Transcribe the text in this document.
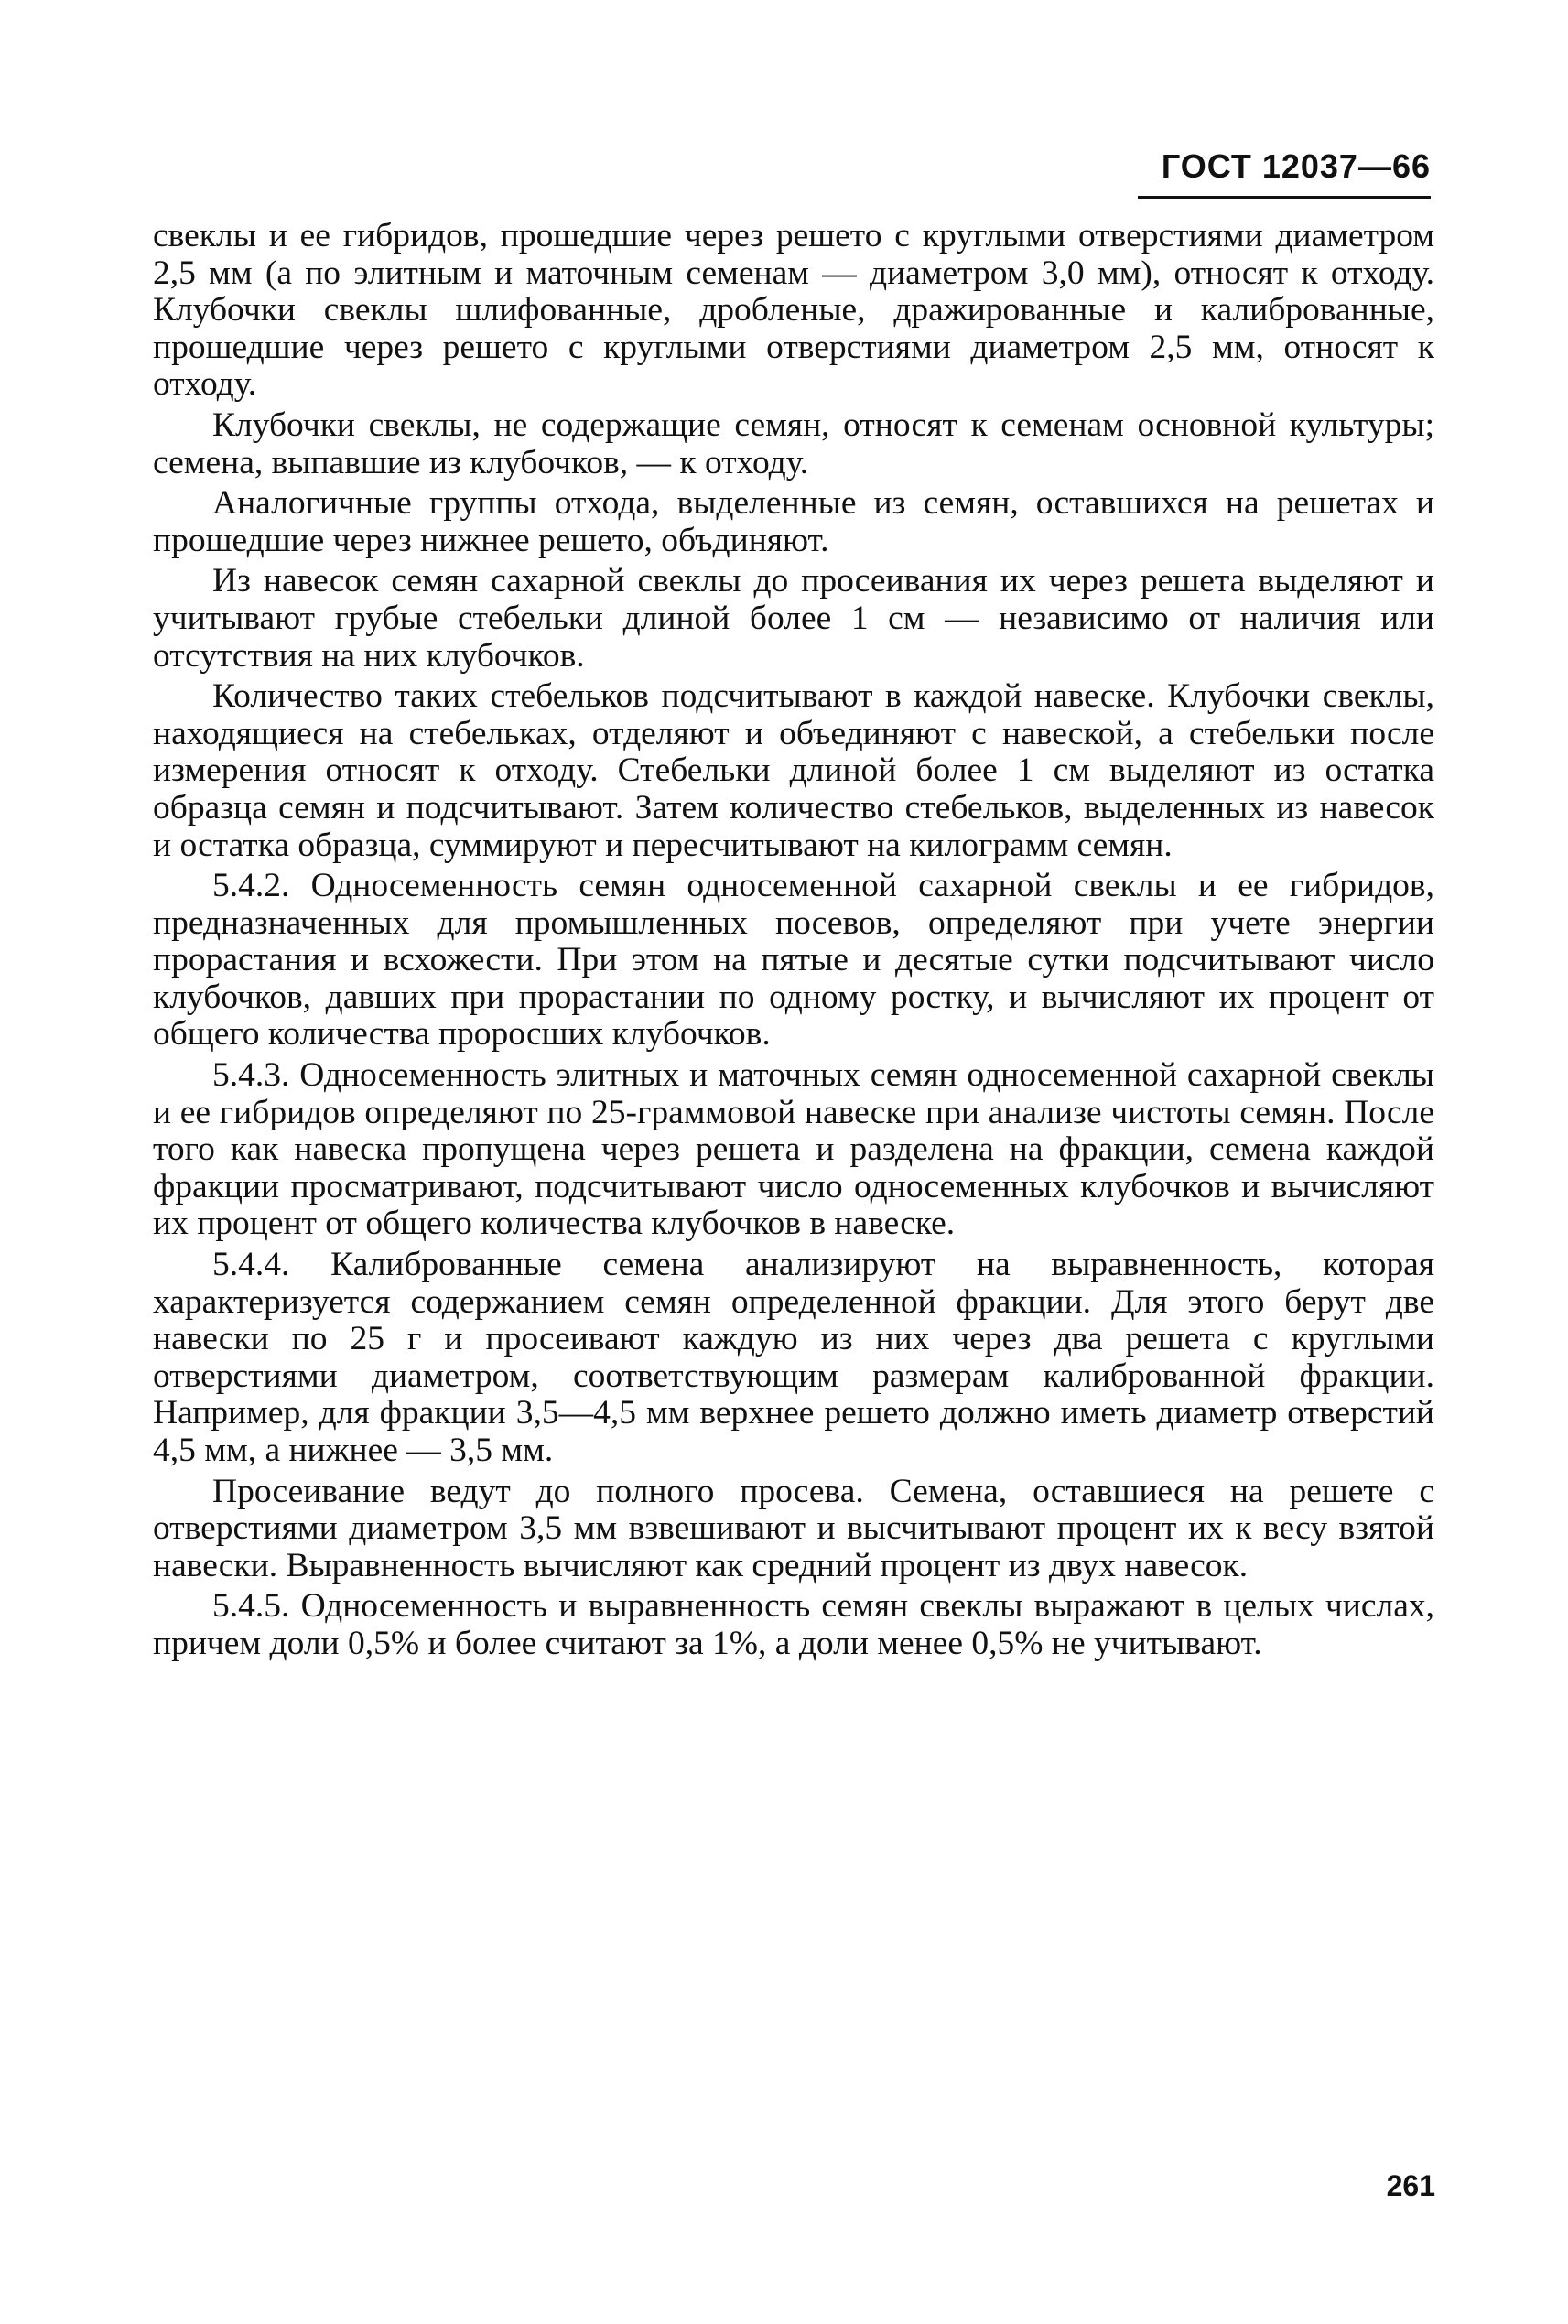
ГОСТ 12037—66

свеклы и ее гибридов, прошедшие через решето с круглыми отверстиями диаметром 2,5 мм (а по элитным и маточным семенам — диаметром 3,0 мм), относят к отходу. Клубочки свеклы шлифованные, дробленые, дражированные и калиброванные, прошедшие через решето с круглыми отверстиями диаметром 2,5 мм, относят к отходу.

Клубочки свеклы, не содержащие семян, относят к семенам основной культуры; семена, выпавшие из клубочков, — к отходу.

Аналогичные группы отхода, выделенные из семян, оставшихся на решетах и прошедшие через нижнее решето, объдиняют.

Из навесок семян сахарной свеклы до просеивания их через решета выделяют и учитывают грубые стебельки длиной более 1 см — независимо от наличия или отсутствия на них клубочков.

Количество таких стебельков подсчитывают в каждой навеске. Клубочки свеклы, находящиеся на стебельках, отделяют и объединяют с навеской, а стебельки после измерения относят к отходу. Стебельки длиной более 1 см выделяют из остатка образца семян и подсчитывают. Затем количество стебельков, выделенных из навесок и остатка образца, суммируют и пересчитывают на килограмм семян.

5.4.2. Односеменность семян односеменной сахарной свеклы и ее гибридов, предназначенных для промышленных посевов, определяют при учете энергии прорастания и всхожести. При этом на пятые и десятые сутки подсчитывают число клубочков, давших при прорастании по одному ростку, и вычисляют их процент от общего количества проросших клубочков.

5.4.3. Односеменность элитных и маточных семян односеменной сахарной свеклы и ее гибридов определяют по 25-граммовой навеске при анализе чистоты семян. После того как навеска пропущена через решета и разделена на фракции, семена каждой фракции просматривают, подсчитывают число односеменных клубочков и вычисляют их процент от общего количества клубочков в навеске.

5.4.4. Калиброванные семена анализируют на выравненность, которая характеризуется содержанием семян определенной фракции. Для этого берут две навески по 25 г и просеивают каждую из них через два решета с круглыми отверстиями диаметром, соответствующим размерам калиброванной фракции. Например, для фракции 3,5—4,5 мм верхнее решето должно иметь диаметр отверстий 4,5 мм, а нижнее — 3,5 мм.

Просеивание ведут до полного просева. Семена, оставшиеся на решете с отверстиями диаметром 3,5 мм взвешивают и высчитывают процент их к весу взятой навески. Выравненность вычисляют как средний процент из двух навесок.

5.4.5. Односеменность и выравненность семян свеклы выражают в целых числах, причем доли 0,5% и более считают за 1%, а доли менее 0,5% не учитывают.

261
